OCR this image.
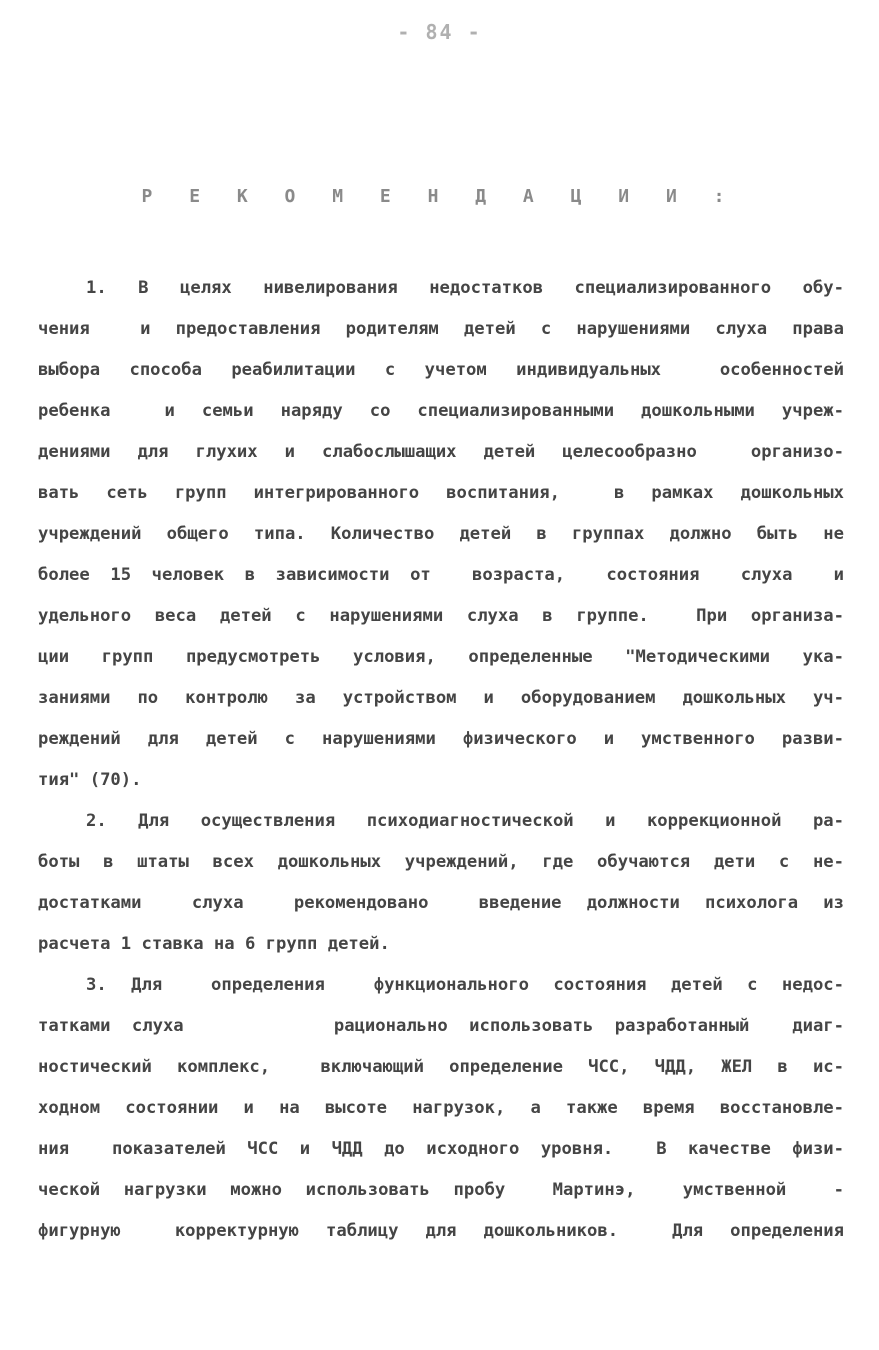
- 84 -
Р Е К О М Е Н Д А Ц И И :
1. В целях нивелирования недостатков специализированного обу-
чения  и предоставления родителям детей с нарушениями слуха права
выбора способа реабилитации с учетом индивидуальных  особенностей
ребенка  и семьи наряду со специализированными дошкольными учреж-
дениями для глухих и слабослышащих детей целесообразно  организо-
вать сеть групп интегрированного воспитания,  в рамках дошкольных
учреждений общего типа. Количество детей в группах должно быть не
более 15 человек в зависимости от  возраста,  состояния  слуха  и
удельного веса детей с нарушениями слуха в группе.  При организа-
ции групп предусмотреть условия, определенные "Методическими ука-
заниями по контролю за устройством и оборудованием дошкольных уч-
реждений для детей с нарушениями физического и умственного разви-
тия" (70).
2. Для осуществления психодиагностической и коррекционной ра-
боты в штаты всех дошкольных учреждений, где обучаются дети с не-
достатками  слуха  рекомендовано  введение должности психолога из
расчета 1 ставка на 6 групп детей.
3. Для  определения  функционального состояния детей с недос-
татками слуха       рационально использовать разработанный  диаг-
ностический комплекс,  включающий определение ЧСС, ЧДД, ЖЕЛ в ис-
ходном состоянии и на высоте нагрузок, а также время восстановле-
ния  показателей ЧСС и ЧДД до исходного уровня.  В качестве физи-
ческой нагрузки можно использовать пробу  Мартинэ,  умственной  -
фигурную  корректурную таблицу для дошкольников.  Для определения
